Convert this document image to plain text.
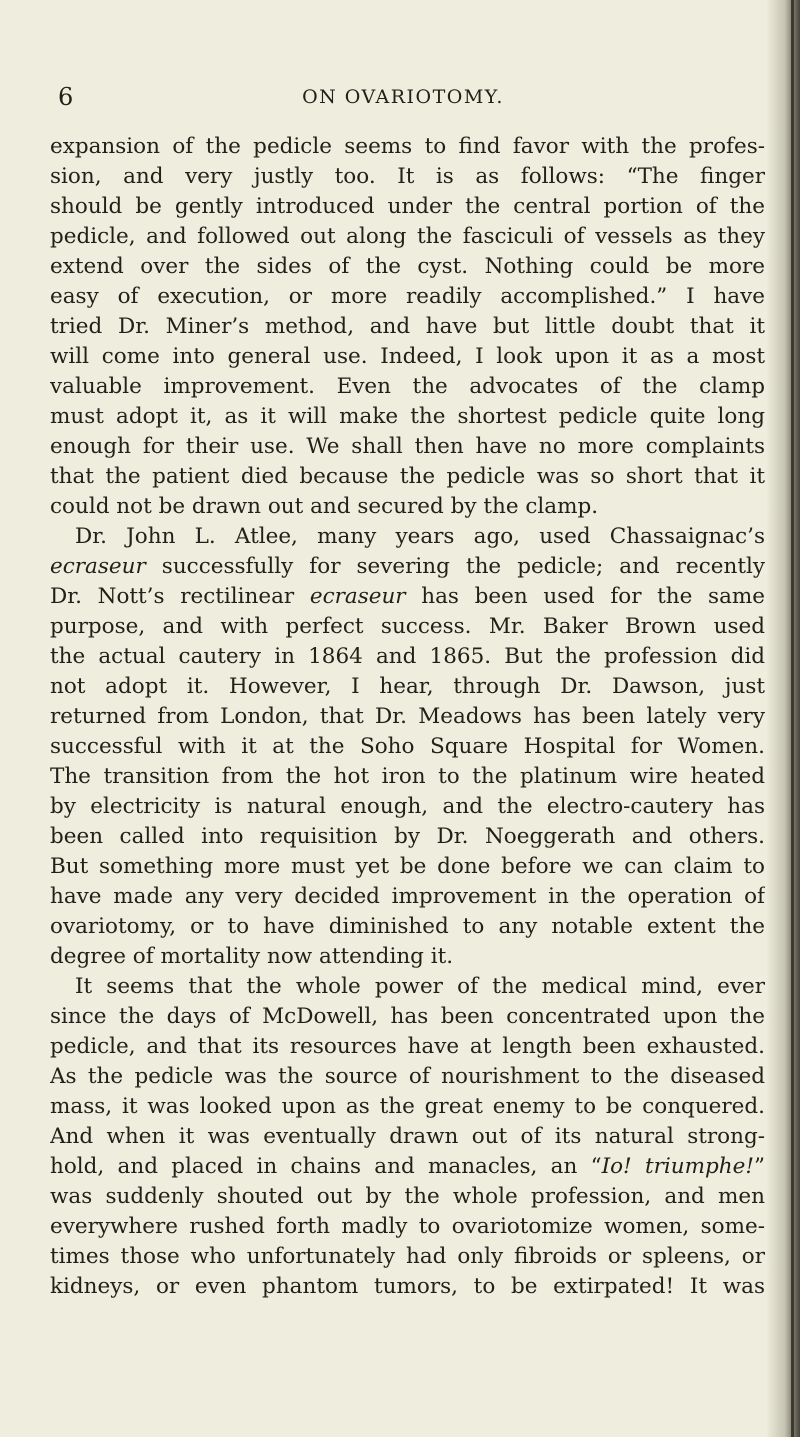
6	ON OVARIOTOMY.
expansion of the pedicle seems to find favor with the profes-
sion, and very justly too. It is as follows: “The finger
should be gently introduced under the central portion of the
pedicle, and followed out along the fasciculi of vessels as they
extend over the sides of the cyst. Nothing could be more
easy of execution, or more readily accomplished.” I have
tried Dr. Miner’s method, and have but little doubt that it
will come into general use. Indeed, I look upon it as a most
valuable improvement. Even the advocates of the clamp
must adopt it, as it will make the shortest pedicle quite long
enough for their use. We shall then have no more complaints
that the patient died because the pedicle was so short that it
could not be drawn out and secured by the clamp.
Dr. John L. Atlee, many years ago, used Chassaignac’s
ecraseur successfully for severing the pedicle; and recently
Dr. Nott’s rectilinear ecraseur has been used for the same
purpose, and with perfect success. Mr. Baker Brown used
the actual cautery in 1864 and 1865. But the profession did
not adopt it. However, I hear, through Dr. Dawson, just
returned from London, that Dr. Meadows has been lately very
successful with it at the Soho Square Hospital for Women.
The transition from the hot iron to the platinum wire heated
by electricity is natural enough, and the electro-cautery has
been called into requisition by Dr. Noeggerath and others.
But something more must yet be done before we can claim to
have made any very decided improvement in the operation of
ovariotomy, or to have diminished to any notable extent the
degree of mortality now attending it.
It seems that the whole power of the medical mind, ever
since the days of McDowell, has been concentrated upon the
pedicle, and that its resources have at length been exhausted.
As the pedicle was the source of nourishment to the diseased
mass, it was looked upon as the great enemy to be conquered.
And when it was eventually drawn out of its natural strong-
hold, and placed in chains and manacles, an “Io! triumphe!”
was suddenly shouted out by the whole profession, and men
everywhere rushed forth madly to ovariotomize women, some-
times those who unfortunately had only fibroids or spleens, or
kidneys, or even phantom tumors, to be extirpated! It was
